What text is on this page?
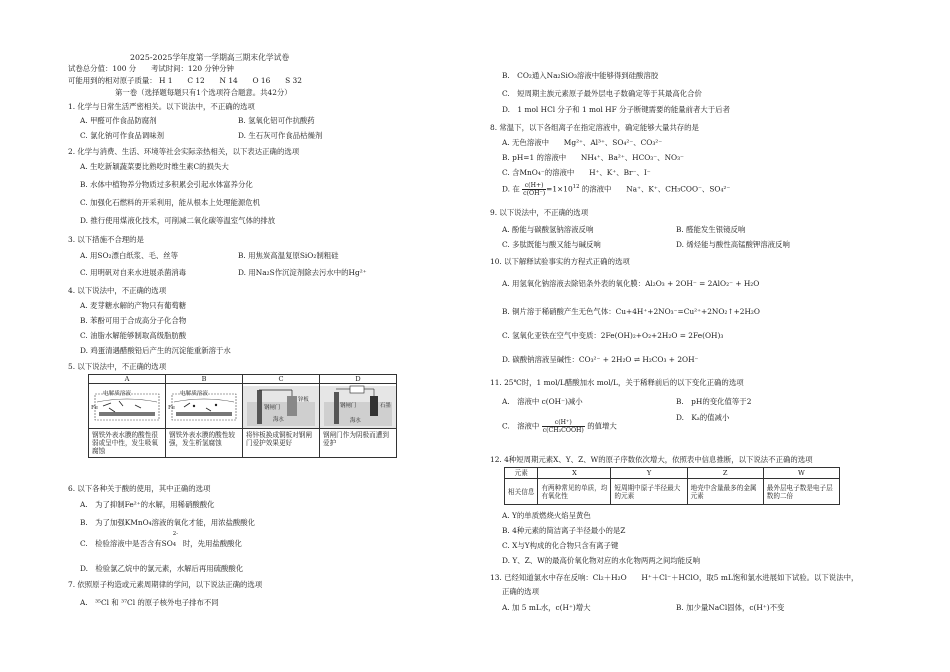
2025-2025学年度第一学期高三期末化学试卷
试卷总分值：100 分　　考试时间：120 分钟分钟
可能用到的相对原子质量： H 1　　C 12　　N 14　　O 16　　S 32
第一卷（选择题每题只有1个选项符合题意。共42分）
1. 化学与日常生活严密相关。以下说法中，不正确的选项
A. 甲醛可作食品防腐剂	B. 氢氧化铝可作抗酸药
C. 氯化钠可作食品调味剂	D. 生石灰可作食品枯燥剂
2. 化学与消费、生活、环境等社会实际亲热相关，以下表达正确的选项
A. 生吃新颖蔬菜要比熟吃时维生素C的损失大
B. 水体中植物养分物质过多积累会引起水体富养分化
C. 加强化石燃料的开采利用，能从根本上处理能源危机
D. 推行使用煤液化技术，可削减二氧化碳等温室气体的排放
3. 以下措施不合理的是
A. 用SO₂漂白纸浆、毛、丝等	B. 用焦炭高温复原SiO₂制粗硅
C. 用明矾对自来水进展杀菌消毒	D. 用Na₂S作沉淀剂除去污水中的Hg²⁺
4. 以下说法中，不正确的选项
A. 麦芽糖水解的产物只有葡萄糖
B. 苯酚可用于合成高分子化合物
C. 油脂水解能够制取高级脂肪酸
D. 鸡蛋清遇醋酸铅后产生的沉淀能重新溶于水
5. 以下说法中，不正确的选项
A	B	C	D

电解质溶液
Fe	电解质溶液
Fe	钢闸门
锌板
海水	钢闸门 石墨
海水

钢铁外表水膜的酸性很弱或呈中性，发生吸氧腐蚀	钢铁外表水膜的酸性较强，发生析氢腐蚀	将锌板换成铜板对钢闸门爱护效果更好	钢闸门作为阴极而遭到爱护
6. 以下各种关于酸的使用，其中正确的选项
A.　为了抑制Fe²⁺的水解，用稀硝酸酸化
B.　为了加强KMnO₄溶液的氧化才能，用浓盐酸酸化
C.　检验溶液中是否含有SO
2-
4 时，先用盐酸酸化
D.　检验氯乙烷中的氯元素，水解后再用硫酸酸化
7. 依照原子构造或元素周期律的学问，以下说法正确的选项
A.　³⁵Cl 和 ³⁷Cl 的原子核外电子排布不同
B.　CO₂通入Na₂SiO₃溶液中能够得到硅酸溶胶
C.　短周期主族元素原子最外层电子数确定等于其最高化合价
D.　1 mol HCl 分子和 1 mol HF 分子断键需要的能量前者大于后者
8. 常温下，以下各组离子在指定溶液中，确定能够大量共存的是
A. 无色溶液中　　Mg²⁺、Al³⁺、SO₄²⁻、CO₃²⁻
B. pH=1 的溶液中　　NH₄⁺、Ba²⁺、HCO₃⁻、NO₃⁻
C. 含MnO₄⁻的溶液中　　H⁺、K⁺、Br⁻、I⁻
D. 在 $\frac{c(H+)}{c(OH^-)} =1\times 10^{12}$ 的溶液中　　Na⁺、K⁺、CH₃COO⁻、SO₄²⁻
9. 以下说法中，不正确的选项
A. 酚能与碳酸氢钠溶液反响	B. 醛能发生银镜反响
C. 多肽既能与酸又能与碱反响	D. 烯烃能与酸性高锰酸钾溶液反响
10. 以下解释试验事实的方程式正确的选项
A. 用氢氧化钠溶液去除铝条外表的氧化膜：Al₂O₃ + 2OH⁻ = 2AlO₂⁻ + H₂O
B. 铜片溶于稀硝酸产生无色气体：Cu+4H⁺+2NO₃⁻=Cu²⁺+2NO₂↑+2H₂O
C. 氢氧化亚铁在空气中变质：2Fe(OH)₂+O₂+2H₂O = 2Fe(OH)₃
D. 碳酸钠溶液呈碱性：CO₃²⁻ + 2H₂O ⇌ H₂CO₃ + 2OH⁻
11. 25℃时，1 mol/L醋酸加水 mol/L，关于稀释前后的以下变化正确的选项
A.　溶液中 c(OH⁻)减小	B.　pH的变化值等于2
C.　溶液中 $\frac{c(H^+)}{\text{c(CH₃COOH)}}$ 的值增大
D.　Kₐ的值减小
12. 4种短周期元素X、Y、Z、W的原子序数依次增大，依照表中信息推断，以下说法不正确的选项
元素	X	Y	Z	W
相关信息	有两种常见的单质，均有氧化性	短周期中原子半径最大的元素	地壳中含量最多的金属元素	最外层电子数是电子层数的二倍
A. Y的单质燃烧火焰呈黄色
B. 4种元素的简洁离子半径最小的是Z
C. X与Y构成的化合物只含有离子键
D. Y、Z、W的最高价氧化物对应的水化物两两之间均能反响
13. 已经知道氯水中存在反响：Cl₂＋H₂O　　H⁺＋Cl⁻＋HClO，取5 mL饱和氯水进展如下试验。以下说法中，
正确的选项
A. 加 5 mL水，c(H⁺)增大	B. 加少量NaCl固体，c(H⁺)不变
